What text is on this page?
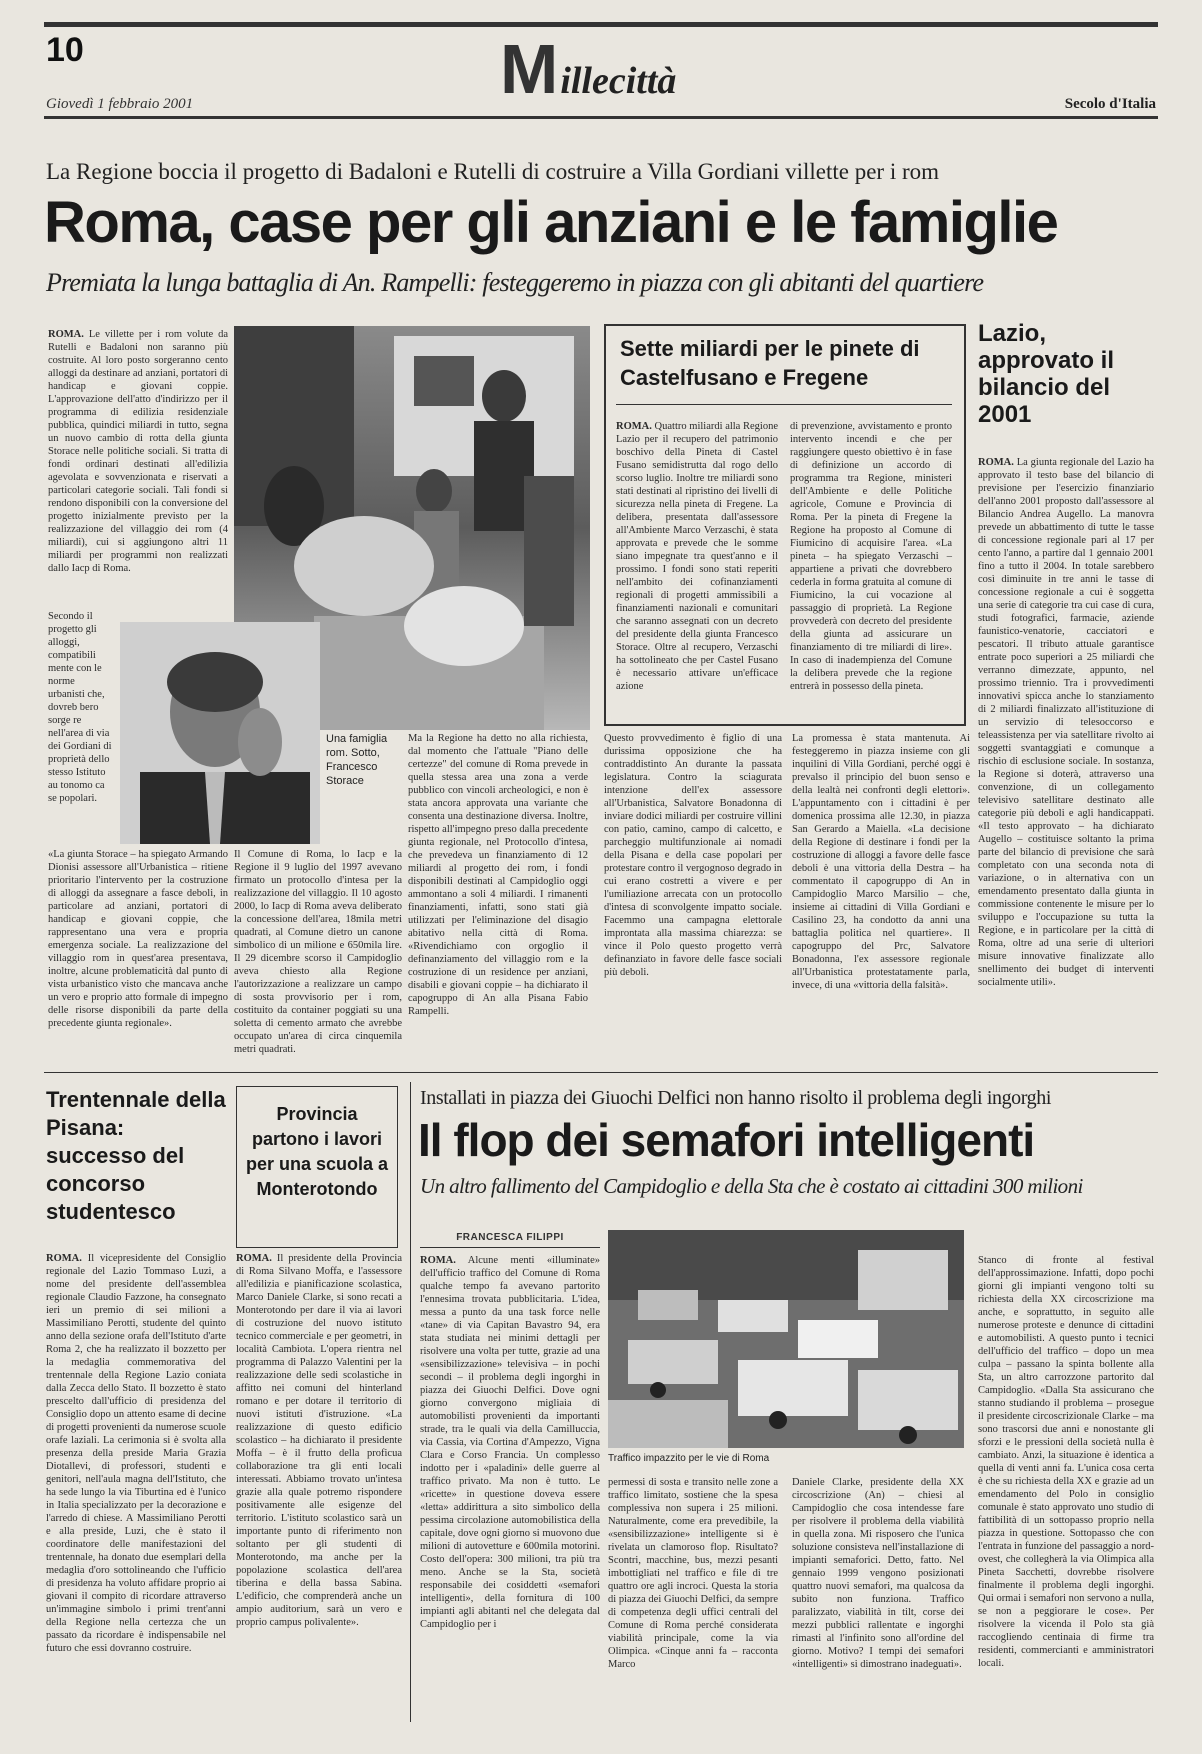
10	M illecittà
Giovedì 1 febbraio 2001	Secolo d'Italia
La Regione boccia il progetto di Badaloni e Rutelli di costruire a Villa Gordiani villette per i rom
Roma, case per gli anziani e le famiglie
Premiata la lunga battaglia di An. Rampelli: festeggeremo in piazza con gli abitanti del quartiere
ROMA. Le villette per i rom volute da Rutelli e Badaloni non saranno più costruite. Al loro posto sorgeranno cento alloggi da destinare ad anziani, portatori di handicap e giovani coppie. L'approvazione dell'atto d'indirizzo per il programma di edilizia residenziale pubblica, quindici miliardi in tutto, segna un nuovo cambio di rotta della giunta Storace nelle politiche sociali. Si tratta di fondi ordinari destinati all'edilizia agevolata e sovvenzionata e riservati a particolari categorie sociali. Tali fondi si rendono disponibili con la conversione del progetto inizialmente previsto per la realizzazione del villaggio dei rom (4 miliardi), cui si aggiungono altri 11 miliardi per programmi non realizzati dallo Iacp di Roma.
Secondo il progetto gli alloggi, compatibili mente con le norme urbanisti che, dovreb bero sorge re nell'area di via dei Gordiani di proprietà dello stesso Istituto au tonomo ca se popolari.
Una famiglia rom. Sotto, Francesco Storace
«La giunta Storace – ha spiegato Armando Dionisi assessore all'Urbanistica – ritiene prioritario l'intervento per la costruzione di alloggi da assegnare a fasce deboli, in particolare ad anziani, portatori di handicap e giovani coppie, che rappresentano una vera e propria emergenza sociale. La realizzazione del villaggio rom in quest'area presentava, inoltre, alcune problematicità dal punto di vista urbanistico visto che mancava anche un vero e proprio atto formale di impegno delle risorse disponibili da parte della precedente giunta regionale».
Il Comune di Roma, lo Iacp e la Regione il 9 luglio del 1997 avevano firmato un protocollo d'intesa per la realizzazione del villaggio. Il 10 agosto 2000, lo Iacp di Roma aveva deliberato la concessione dell'area, 18mila metri quadrati, al Comune dietro un canone simbolico di un milione e 650mila lire. Il 29 dicembre scorso il Campidoglio aveva chiesto alla Regione l'autorizzazione a realizzare un campo di sosta provvisorio per i rom, costituito da container poggiati su una soletta di cemento armato che avrebbe occupato un'area di circa cinquemila metri quadrati.
Ma la Regione ha detto no alla richiesta, dal momento che l'attuale "Piano delle certezze" del comune di Roma prevede in quella stessa area una zona a verde pubblico con vincoli archeologici, e non è stata ancora approvata una variante che consenta una destinazione diversa. Inoltre, rispetto all'impegno preso dalla precedente giunta regionale, nel Protocollo d'intesa, che prevedeva un finanziamento di 12 miliardi al progetto dei rom, i fondi disponibili destinati al Campidoglio oggi ammontano a soli 4 miliardi. I rimanenti finanziamenti, infatti, sono stati già utilizzati per l'eliminazione del disagio abitativo nella città di Roma. «Rivendichiamo con orgoglio il definanziamento del villaggio rom e la costruzione di un residence per anziani, disabili e giovani coppie – ha dichiarato il capogruppo di An alla Pisana Fabio Rampelli.
Questo provvedimento è figlio di una durissima opposizione che ha contraddistinto An durante la passata legislatura. Contro la sciagurata intenzione dell'ex assessore all'Urbanistica, Salvatore Bonadonna di inviare dodici miliardi per costruire villini con patio, camino, campo di calcetto, e parcheggio multifunzionale ai nomadi della Pisana e della case popolari per protestare contro il vergognoso degrado in cui erano costretti a vivere e per l'umiliazione arrecata con un protocollo d'intesa di sconvolgente impatto sociale. Facemmo una campagna elettorale improntata alla massima chiarezza: se vince il Polo questo progetto verrà definanziato in favore delle fasce sociali più deboli.
La promessa è stata mantenuta. Ai festeggeremo in piazza insieme con gli inquilini di Villa Gordiani, perché oggi è prevalso il principio del buon senso e della lealtà nei confronti degli elettori». L'appuntamento con i cittadini è per domenica prossima alle 12.30, in piazza San Gerardo a Maiella. «La decisione della Regione di destinare i fondi per la costruzione di alloggi a favore delle fasce deboli è una vittoria della Destra – ha commentato il capogruppo di An in Campidoglio Marco Marsilio – che, insieme ai cittadini di Villa Gordiani e Casilino 23, ha condotto da anni una battaglia politica nel quartiere». Il capogruppo del Prc, Salvatore Bonadonna, l'ex assessore regionale all'Urbanistica protestatamente parla, invece, di una «vittoria della falsità».
Sette miliardi per le pinete di Castelfusano e Fregene
ROMA. Quattro miliardi alla Regione Lazio per il recupero del patrimonio boschivo della Pineta di Castel Fusano semidistrutta dal rogo dello scorso luglio. Inoltre tre miliardi sono stati destinati al ripristino dei livelli di sicurezza nella pineta di Fregene. La delibera, presentata dall'assessore all'Ambiente Marco Verzaschi, è stata approvata e prevede che le somme siano impegnate tra quest'anno e il prossimo. I fondi sono stati reperiti nell'ambito dei cofinanziamenti regionali di progetti ammissibili a finanziamenti nazionali e comunitari che saranno assegnati con un decreto del presidente della giunta Francesco Storace. Oltre al recupero, Verzaschi ha sottolineato che per Castel Fusano è necessario attivare un'efficace azione
di prevenzione, avvistamento e pronto intervento incendi e che per raggiungere questo obiettivo è in fase di definizione un accordo di programma tra Regione, ministeri dell'Ambiente e delle Politiche agricole, Comune e Provincia di Roma. Per la pineta di Fregene la Regione ha proposto al Comune di Fiumicino di acquisire l'area. «La pineta – ha spiegato Verzaschi – appartiene a privati che dovrebbero cederla in forma gratuita al comune di Fiumicino, la cui vocazione al passaggio di proprietà. La Regione provvederà con decreto del presidente della giunta ad assicurare un finanziamento di tre miliardi di lire». In caso di inadempienza del Comune la delibera prevede che la regione entrerà in possesso della pineta.
Lazio, approvato il bilancio del 2001
ROMA. La giunta regionale del Lazio ha approvato il testo base del bilancio di previsione per l'esercizio finanziario dell'anno 2001 proposto dall'assessore al Bilancio Andrea Augello. La manovra prevede un abbattimento di tutte le tasse di concessione regionale pari al 17 per cento l'anno, a partire dal 1 gennaio 2001 fino a tutto il 2004. In totale sarebbero così diminuite in tre anni le tasse di concessione regionale a cui è soggetta una serie di categorie tra cui case di cura, studi fotografici, farmacie, aziende faunistico-venatorie, cacciatori e pescatori. Il tributo attuale garantisce entrate poco superiori a 25 miliardi che verranno dimezzate, appunto, nel prossimo triennio. Tra i provvedimenti innovativi spicca anche lo stanziamento di 2 miliardi finalizzato all'istituzione di un servizio di telesoccorso e teleassistenza per via satellitare rivolto ai soggetti svantaggiati e comunque a rischio di esclusione sociale. In sostanza, la Regione si doterà, attraverso una convenzione, di un collegamento televisivo satellitare destinato alle categorie più deboli e agli handicappati. «Il testo approvato – ha dichiarato Augello – costituisce soltanto la prima parte del bilancio di previsione che sarà completato con una seconda nota di variazione, o in alternativa con un emendamento presentato dalla giunta in commissione contenente le misure per lo sviluppo e l'occupazione su tutta la Regione, e in particolare per la città di Roma, oltre ad una serie di ulteriori misure innovative finalizzate allo snellimento dei budget di interventi socialmente utili».
Trentennale della Pisana: successo del concorso studentesco
ROMA. Il vicepresidente del Consiglio regionale del Lazio Tommaso Luzi, a nome del presidente dell'assemblea regionale Claudio Fazzone, ha consegnato ieri un premio di sei milioni a Massimiliano Perotti, studente del quinto anno della sezione orafa dell'Istituto d'arte Roma 2, che ha realizzato il bozzetto per la medaglia commemorativa del trentennale della Regione Lazio coniata dalla Zecca dello Stato. Il bozzetto è stato prescelto dall'ufficio di presidenza del Consiglio dopo un attento esame di decine di progetti provenienti da numerose scuole orafe laziali. La cerimonia si è svolta alla presenza della preside Maria Grazia Diotallevi, di professori, studenti e genitori, nell'aula magna dell'Istituto, che ha sede lungo la via Tiburtina ed è l'unico in Italia specializzato per la decorazione e l'arredo di chiese. A Massimiliano Perotti e alla preside, Luzi, che è stato il coordinatore delle manifestazioni del trentennale, ha donato due esemplari della medaglia d'oro sottolineando che l'ufficio di presidenza ha voluto affidare proprio ai giovani il compito di ricordare attraverso un'immagine simbolo i primi trent'anni della Regione nella certezza che un passato da ricordare è indispensabile nel futuro che essi dovranno costruire.
Provincia partono i lavori per una scuola a Monterotondo
ROMA. Il presidente della Provincia di Roma Silvano Moffa, e l'assessore all'edilizia e pianificazione scolastica, Marco Daniele Clarke, si sono recati a Monterotondo per dare il via ai lavori di costruzione del nuovo istituto tecnico commerciale e per geometri, in località Cambiota. L'opera rientra nel programma di Palazzo Valentini per la realizzazione delle sedi scolastiche in affitto nei comuni del hinterland romano e per dotare il territorio di nuovi istituti d'istruzione. «La realizzazione di questo edificio scolastico – ha dichiarato il presidente Moffa – è il frutto della proficua collaborazione tra gli enti locali interessati. Abbiamo trovato un'intesa grazie alla quale potremo rispondere positivamente alle esigenze del territorio. L'istituto scolastico sarà un importante punto di riferimento non soltanto per gli studenti di Monterotondo, ma anche per la popolazione scolastica dell'area tiberina e della bassa Sabina. L'edificio, che comprenderà anche un ampio auditorium, sarà un vero e proprio campus polivalente».
Installati in piazza dei Giuochi Delfici non hanno risolto il problema degli ingorghi
Il flop dei semafori intelligenti
Un altro fallimento del Campidoglio e della Sta che è costato ai cittadini 300 milioni
FRANCESCA FILIPPI
ROMA. Alcune menti «illuminate» dell'ufficio traffico del Comune di Roma qualche tempo fa avevano partorito l'ennesima trovata pubblicitaria. L'idea, messa a punto da una task force nelle «tane» di via Capitan Bavastro 94, era stata studiata nei minimi dettagli per risolvere una volta per tutte, grazie ad una «sensibilizzazione» televisiva – in pochi secondi – il problema degli ingorghi in piazza dei Giuochi Delfici. Dove ogni giorno convergono migliaia di automobilisti provenienti da importanti strade, tra le quali via della Camilluccia, via Cassia, via Cortina d'Ampezzo, Vigna Clara e Corso Francia. Un complesso indotto per i «paladini» delle guerre al traffico privato. Ma non è tutto. Le «ricette» in questione doveva essere «letta» addirittura a sito simbolico della pessima circolazione automobilistica della capitale, dove ogni giorno si muovono due milioni di autovetture e 600mila motorini. Costo dell'opera: 300 milioni, tra più tra meno. Anche se la Sta, società responsabile dei cosiddetti «semafori intelligenti», della fornitura di 100 impianti agli abitanti nel che delegata dal Campidoglio per i
Traffico impazzito per le vie di Roma
permessi di sosta e transito nelle zone a traffico limitato, sostiene che la spesa complessiva non supera i 25 milioni. Naturalmente, come era prevedibile, la «sensibilizzazione» intelligente si è rivelata un clamoroso flop. Risultato? Scontri, macchine, bus, mezzi pesanti imbottigliati nel traffico e file di tre quattro ore agli incroci. Questa la storia di piazza dei Giuochi Delfici, da sempre di competenza degli uffici centrali del Comune di Roma perché considerata viabilità principale, come la via Olimpica. «Cinque anni fa – racconta Marco
Daniele Clarke, presidente della XX circoscrizione (An) – chiesi al Campidoglio che cosa intendesse fare per risolvere il problema della viabilità in quella zona. Mi risposero che l'unica soluzione consisteva nell'installazione di impianti semaforici. Detto, fatto. Nel gennaio 1999 vengono posizionati quattro nuovi semafori, ma qualcosa da subito non funziona. Traffico paralizzato, viabilità in tilt, corse dei mezzi pubblici rallentate e ingorghi rimasti al l'infinito sono all'ordine del giorno. Motivo? I tempi dei semafori «intelligenti» si dimostrano inadeguati».
Stanco di fronte al festival dell'approssimazione. Infatti, dopo pochi giorni gli impianti vengono tolti su richiesta della XX circoscrizione ma anche, e soprattutto, in seguito alle numerose proteste e denunce di cittadini e automobilisti. A questo punto i tecnici dell'ufficio del traffico – dopo un mea culpa – passano la spinta bollente alla Sta, un altro carrozzone partorito dal Campidoglio. «Dalla Sta assicurano che stanno studiando il problema – prosegue il presidente circoscrizionale Clarke – ma sono trascorsi due anni e nonostante gli sforzi e le pressioni della società nulla è cambiato. Anzi, la situazione è identica a quella di venti anni fa. L'unica cosa certa è che su richiesta della XX e grazie ad un emendamento del Polo in consiglio comunale è stato approvato uno studio di fattibilità di un sottopasso proprio nella piazza in questione. Sottopasso che con l'entrata in funzione del passaggio a nord-ovest, che collegherà la via Olimpica alla Pineta Sacchetti, dovrebbe risolvere finalmente il problema degli ingorghi. Qui ormai i semafori non servono a nulla, se non a peggiorare le cose». Per risolvere la vicenda il Polo sta già raccogliendo centinaia di firme tra residenti, commercianti e amministratori locali.
